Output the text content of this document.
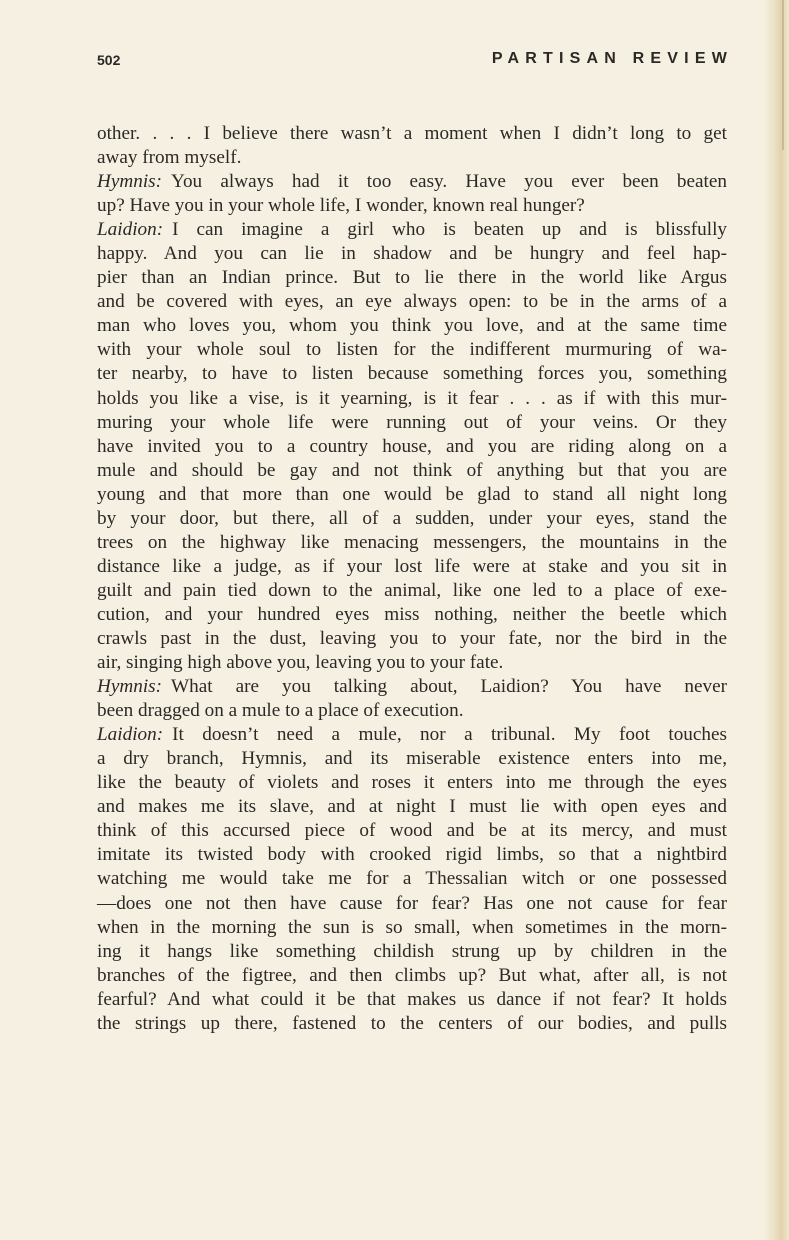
502	PARTISAN REVIEW
other. . . . I believe there wasn’t a moment when I didn’t long to get
away from myself.
Hymnis: You always had it too easy. Have you ever been beaten
up? Have you in your whole life, I wonder, known real hunger?
Laidion: I can imagine a girl who is beaten up and is blissfully
happy. And you can lie in shadow and be hungry and feel hap-
pier than an Indian prince. But to lie there in the world like Argus
and be covered with eyes, an eye always open: to be in the arms of a
man who loves you, whom you think you love, and at the same time
with your whole soul to listen for the indifferent murmuring of wa-
ter nearby, to have to listen because something forces you, something
holds you like a vise, is it yearning, is it fear . . . as if with this mur-
muring your whole life were running out of your veins. Or they
have invited you to a country house, and you are riding along on a
mule and should be gay and not think of anything but that you are
young and that more than one would be glad to stand all night long
by your door, but there, all of a sudden, under your eyes, stand the
trees on the highway like menacing messengers, the mountains in the
distance like a judge, as if your lost life were at stake and you sit in
guilt and pain tied down to the animal, like one led to a place of exe-
cution, and your hundred eyes miss nothing, neither the beetle which
crawls past in the dust, leaving you to your fate, nor the bird in the
air, singing high above you, leaving you to your fate.
Hymnis: What are you talking about, Laidion? You have never
been dragged on a mule to a place of execution.
Laidion: It doesn’t need a mule, nor a tribunal. My foot touches
a dry branch, Hymnis, and its miserable existence enters into me,
like the beauty of violets and roses it enters into me through the eyes
and makes me its slave, and at night I must lie with open eyes and
think of this accursed piece of wood and be at its mercy, and must
imitate its twisted body with crooked rigid limbs, so that a nightbird
watching me would take me for a Thessalian witch or one possessed
—does one not then have cause for fear? Has one not cause for fear
when in the morning the sun is so small, when sometimes in the morn-
ing it hangs like something childish strung up by children in the
branches of the figtree, and then climbs up? But what, after all, is not
fearful? And what could it be that makes us dance if not fear? It holds
the strings up there, fastened to the centers of our bodies, and pulls
